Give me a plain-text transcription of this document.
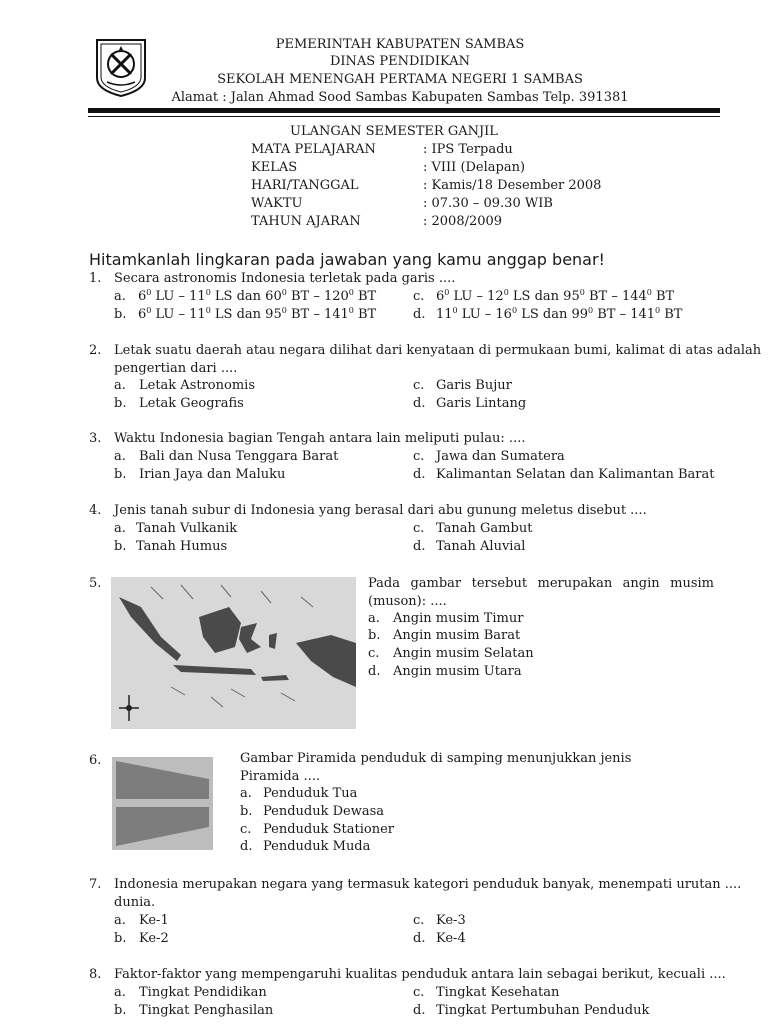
PEMERINTAH KABUPATEN SAMBAS
DINAS PENDIDIKAN
SEKOLAH MENENGAH PERTAMA NEGERI 1 SAMBAS
Alamat : Jalan Ahmad Sood Sambas Kabupaten Sambas Telp. 391381
ULANGAN SEMESTER GANJIL
MATA PELAJARAN	: IPS Terpadu
KELAS	: VIII (Delapan)
HARI/TANGGAL	: Kamis/18 Desember 2008
WAKTU	: 07.30 – 09.30 WIB
TAHUN AJARAN	: 2008/2009
Hitamkanlah lingkaran pada jawaban yang kamu anggap benar!
1. Secara astronomis Indonesia terletak pada garis ....
a. $6^0$ LU – $11^0$ LS dan $60^0$ BT – $120^0$ BT
b. $6^0$ LU – $11^0$ LS dan $95^0$ BT – $141^0$ BT
c. $6^0$ LU – $12^0$ LS dan $95^0$ BT – $144^0$ BT
d. $11^0$ LU – $16^0$ LS dan $99^0$ BT – $141^0$ BT
2. Letak suatu daerah atau negara dilihat dari kenyataan di permukaan bumi, kalimat di atas adalah
pengertian dari ....
a. Letak Astronomis
b. Letak Geografis
c. Garis Bujur
d. Garis Lintang
3. Waktu Indonesia bagian Tengah antara lain meliputi pulau: ....
a. Bali dan Nusa Tenggara Barat
b. Irian Jaya dan Maluku
c. Jawa dan Sumatera
d. Kalimantan Selatan dan Kalimantan Barat
4. Jenis tanah subur di Indonesia yang berasal dari abu gunung meletus disebut ....
a. Tanah Vulkanik
b. Tanah Humus
c. Tanah Gambut
d. Tanah Aluvial
5.	Pada gambar tersebut merupakan angin musim
(muson): ....
a. Angin musim Timur
b. Angin musim Barat
c. Angin musim Selatan
d. Angin musim Utara
6.	Gambar Piramida penduduk di samping menunjukkan jenis
Piramida ....
a. Penduduk Tua
b. Penduduk Dewasa
c. Penduduk Stationer
d. Penduduk Muda
7. Indonesia merupakan negara yang termasuk kategori penduduk banyak, menempati urutan ....
dunia.
a. Ke-1
b. Ke-2
c. Ke-3
d. Ke-4
8. Faktor-faktor yang mempengaruhi kualitas penduduk antara lain sebagai berikut, kecuali ....
a. Tingkat Pendidikan
b. Tingkat Penghasilan
c. Tingkat Kesehatan
d. Tingkat Pertumbuhan Penduduk
